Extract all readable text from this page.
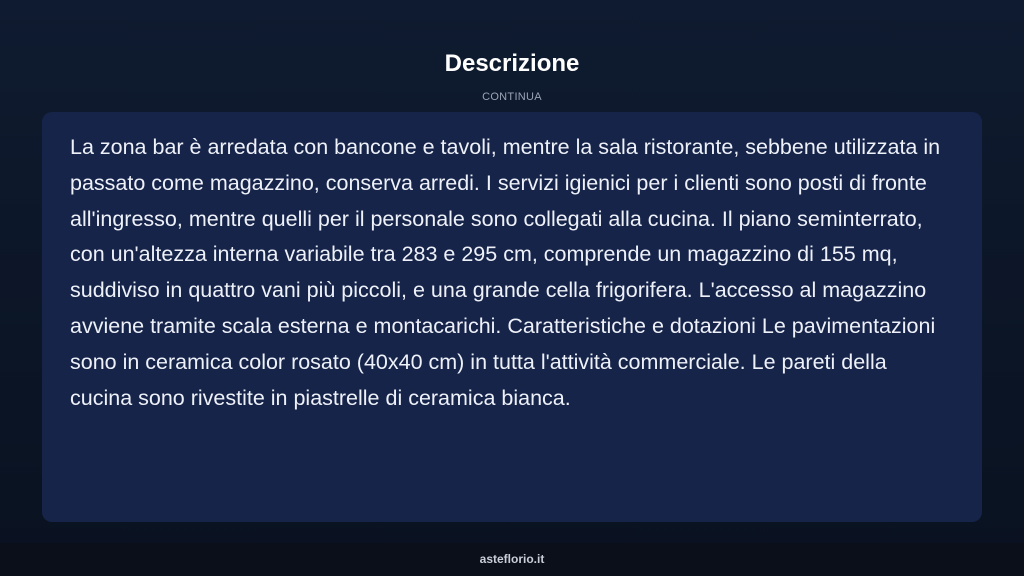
Descrizione
CONTINUA

La zona bar è arredata con bancone e tavoli, mentre la sala ristorante, sebbene utilizzata in passato come magazzino, conserva arredi. I servizi igienici per i clienti sono posti di fronte all'ingresso, mentre quelli per il personale sono collegati alla cucina. Il piano seminterrato, con un'altezza interna variabile tra 283 e 295 cm, comprende un magazzino di 155 mq, suddiviso in quattro vani più piccoli, e una grande cella frigorifera. L'accesso al magazzino avviene tramite scala esterna e montacarichi. Caratteristiche e dotazioni Le pavimentazioni sono in ceramica color rosato (40x40 cm) in tutta l'attività commerciale. Le pareti della cucina sono rivestite in piastrelle di ceramica bianca.

asteflorio.it
